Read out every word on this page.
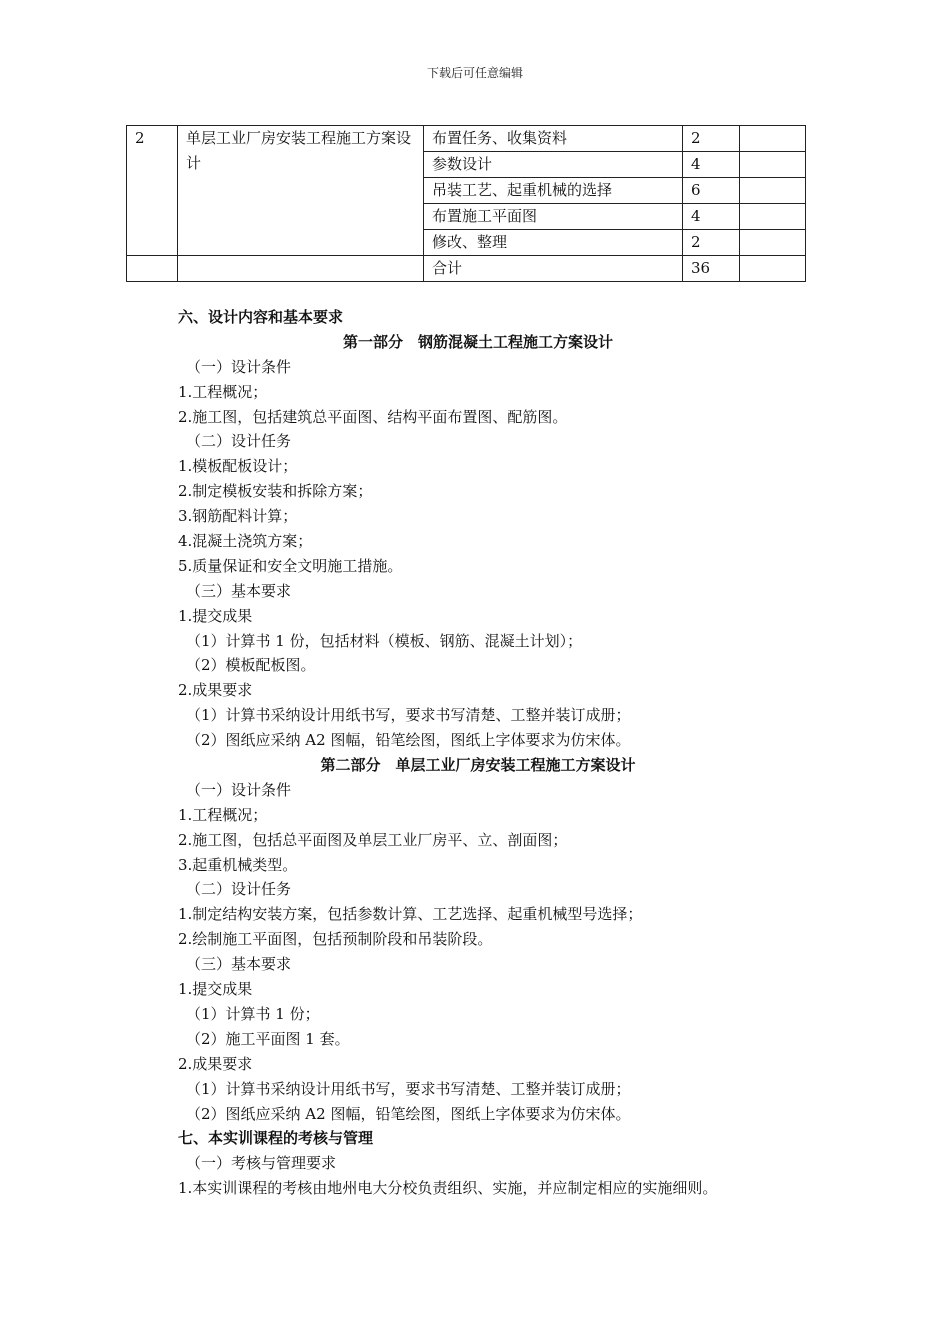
下载后可任意编辑
2	单层工业厂房安装工程施工方案设计	布置任务、收集资料	2	
		参数设计	4	
		吊装工艺、起重机械的选择	6	
		布置施工平面图	4	
		修改、整理	2	
		合计	36	
六、设计内容和基本要求
第一部分　钢筋混凝土工程施工方案设计
（一）设计条件
1.工程概况；
2.施工图，包括建筑总平面图、结构平面布置图、配筋图。
（二）设计任务
1.模板配板设计；
2.制定模板安装和拆除方案；
3.钢筋配料计算；
4.混凝土浇筑方案；
5.质量保证和安全文明施工措施。
（三）基本要求
1.提交成果
（1）计算书 1 份，包括材料（模板、钢筋、混凝土计划）；
（2）模板配板图。
2.成果要求
（1）计算书采纳设计用纸书写，要求书写清楚、工整并装订成册；
（2）图纸应采纳 A2 图幅，铅笔绘图，图纸上字体要求为仿宋体。
第二部分　单层工业厂房安装工程施工方案设计
（一）设计条件
1.工程概况；
2.施工图，包括总平面图及单层工业厂房平、立、剖面图；
3.起重机械类型。
（二）设计任务
1.制定结构安装方案，包括参数计算、工艺选择、起重机械型号选择；
2.绘制施工平面图，包括预制阶段和吊装阶段。
（三）基本要求
1.提交成果
（1）计算书 1 份；
（2）施工平面图 1 套。
2.成果要求
（1）计算书采纳设计用纸书写，要求书写清楚、工整并装订成册；
（2）图纸应采纳 A2 图幅，铅笔绘图，图纸上字体要求为仿宋体。
七、本实训课程的考核与管理
（一）考核与管理要求
1.本实训课程的考核由地州电大分校负责组织、实施，并应制定相应的实施细则。
